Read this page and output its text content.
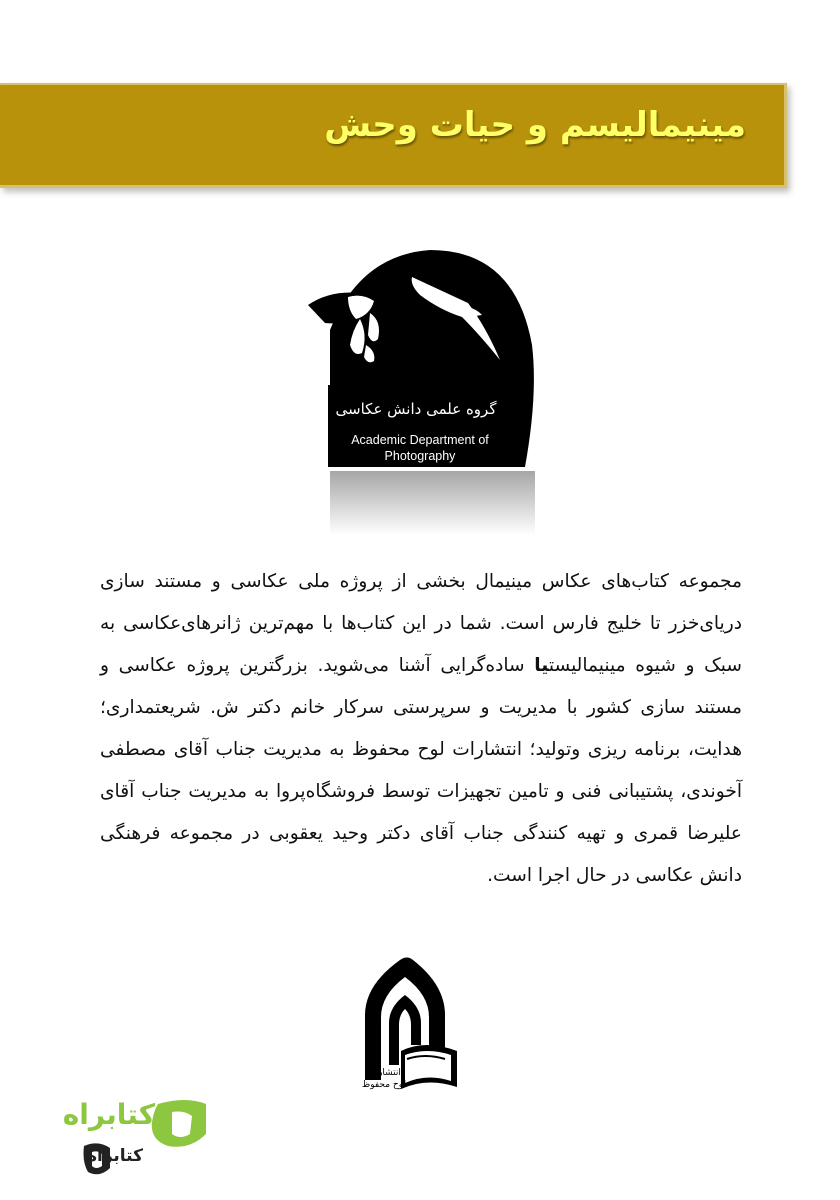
مینیمالیسم و حیات وحش
گروه علمی دانش عکاسی
Academic Department of
Photography
مجموعه کتاب‌های عکاس مینیمال بخشی از پروژه ملی عکاسی و مستند سازی دریای‌خزر تا خلیج فارس است. شما در این کتاب‌ها با مهم‌ترین ژانرهای‌عکاسی به سبک و شیوه مینیمالیستیا ساده‌گرایی آشنا می‌شوید. بزرگترین پروژه عکاسی و مستند سازی کشور با مدیریت و سرپرستی سرکار خانم دکتر ش. شریعتمداری؛ هدایت، برنامه ریزی وتولید؛ انتشارات لوح محفوظ به مدیریت جناب آقای مصطفی آخوندی، پشتیبانی فنی و تامین تجهیزات توسط فروشگاه‌پروا به مدیریت جناب آقای علیرضا قمری و تهیه کنندگی جناب آقای دکتر وحید یعقوبی در مجموعه فرهنگی دانش عکاسی در حال اجرا است.
انتشارات
لوح محفوظ
کتابراه
کتابراه
